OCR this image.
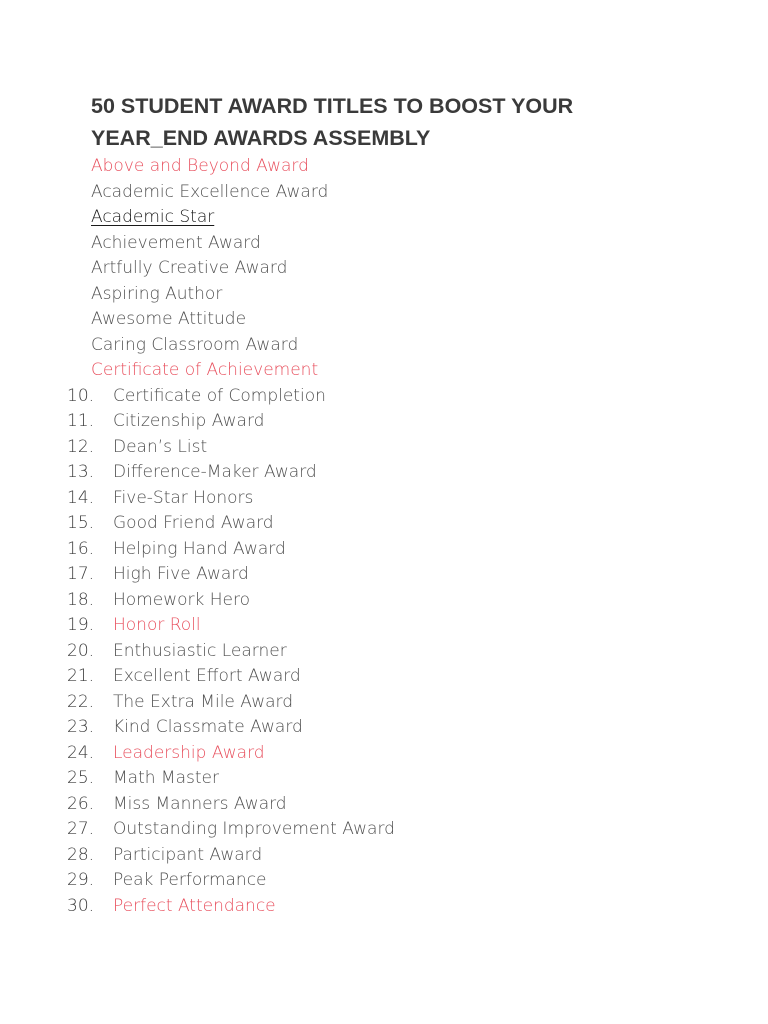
50 STUDENT AWARD TITLES TO BOOST YOUR
YEAR_END AWARDS ASSEMBLY
Above and Beyond Award
Academic Excellence Award
Academic Star
Achievement Award
Artfully Creative Award
Aspiring Author
Awesome Attitude
Caring Classroom Award
Certificate of Achievement
10. Certificate of Completion
11. Citizenship Award
12. Dean’s List
13. Difference-Maker Award
14. Five-Star Honors
15. Good Friend Award
16. Helping Hand Award
17. High Five Award
18. Homework Hero
19. Honor Roll
20. Enthusiastic Learner
21. Excellent Effort Award
22. The Extra Mile Award
23. Kind Classmate Award
24. Leadership Award
25. Math Master
26. Miss Manners Award
27. Outstanding Improvement Award
28. Participant Award
29. Peak Performance
30. Perfect Attendance
